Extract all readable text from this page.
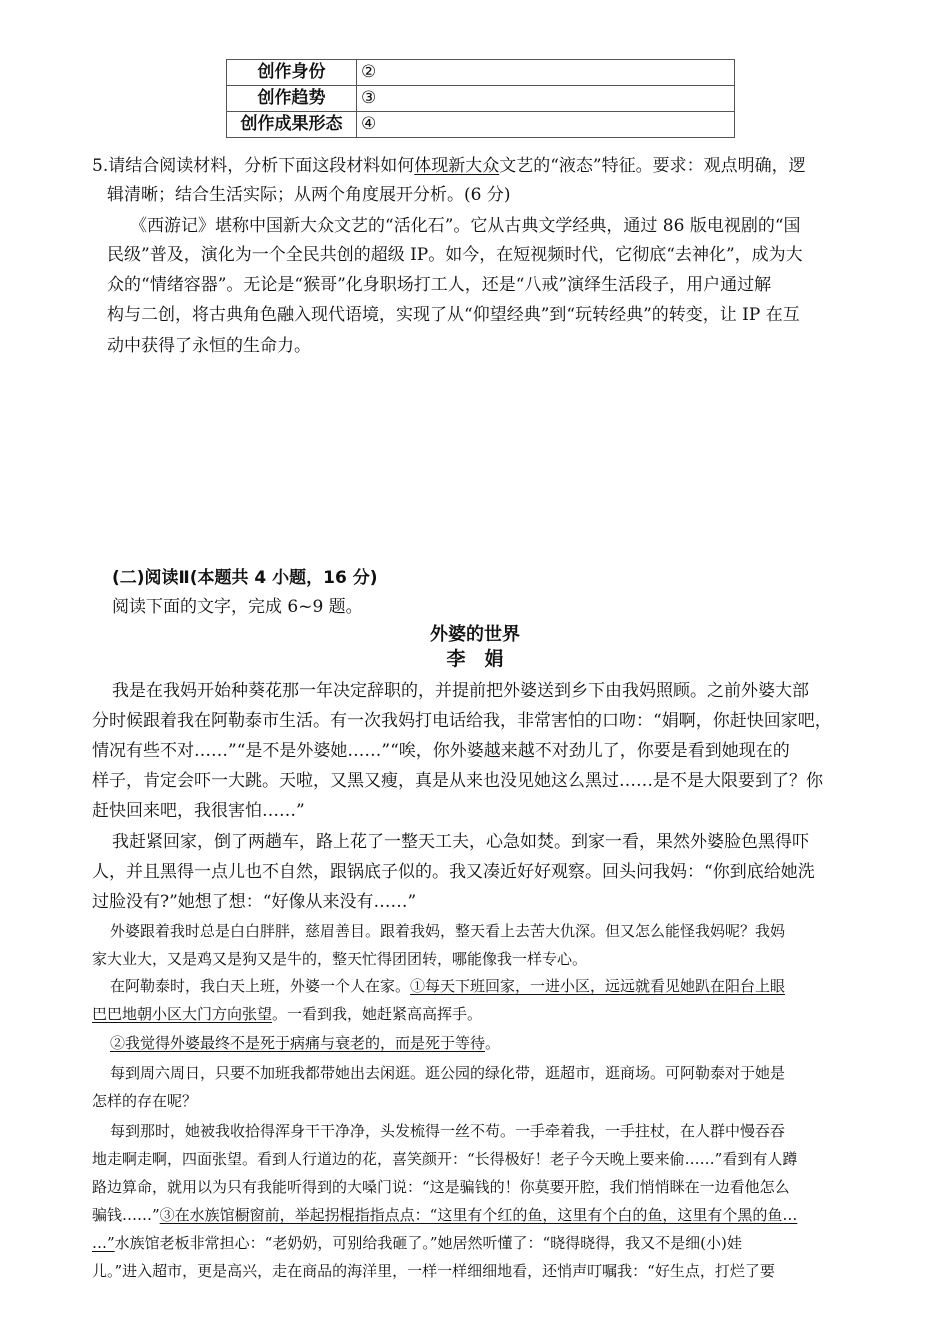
创作身份	②
创作趋势	③
创作成果形态	④
5.请结合阅读材料，分析下面这段材料如何体现新大众文艺的“液态”特征。要求：观点明确，逻
辑清晰；结合生活实际；从两个角度展开分析。(6 分)
《西游记》堪称中国新大众文艺的“活化石”。它从古典文学经典，通过 86 版电视剧的“国
民级”普及，演化为一个全民共创的超级 IP。如今，在短视频时代，它彻底“去神化”，成为大
众的“情绪容器”。无论是“猴哥”化身职场打工人，还是“八戒”演绎生活段子，用户通过解
构与二创，将古典角色融入现代语境，实现了从“仰望经典”到“玩转经典”的转变，让 IP 在互
动中获得了永恒的生命力。
(二)阅读Ⅱ(本题共 4 小题，16 分)
阅读下面的文字，完成 6~9 题。
外婆的世界
李　娟
我是在我妈开始种葵花那一年决定辞职的，并提前把外婆送到乡下由我妈照顾。之前外婆大部
分时候跟着我在阿勒泰市生活。有一次我妈打电话给我，非常害怕的口吻：“娟啊，你赶快回家吧，
情况有些不对……”“是不是外婆她……”“唉，你外婆越来越不对劲儿了，你要是看到她现在的
样子，肯定会吓一大跳。天啦，又黑又瘦，真是从来也没见她这么黑过……是不是大限要到了？你
赶快回来吧，我很害怕……”
我赶紧回家，倒了两趟车，路上花了一整天工夫，心急如焚。到家一看，果然外婆脸色黑得吓
人，并且黑得一点儿也不自然，跟锅底子似的。我又凑近好好观察。回头问我妈：“你到底给她洗
过脸没有?”她想了想：“好像从来没有……”
外婆跟着我时总是白白胖胖，慈眉善目。跟着我妈，整天看上去苦大仇深。但又怎么能怪我妈呢？我妈
家大业大，又是鸡又是狗又是牛的，整天忙得团团转，哪能像我一样专心。
在阿勒泰时，我白天上班，外婆一个人在家。①每天下班回家，一进小区，远远就看见她趴在阳台上眼
巴巴地朝小区大门方向张望。一看到我，她赶紧高高挥手。
②我觉得外婆最终不是死于病痛与衰老的，而是死于等待。
每到周六周日，只要不加班我都带她出去闲逛。逛公园的绿化带，逛超市，逛商场。可阿勒泰对于她是
怎样的存在呢？
每到那时，她被我收拾得浑身干干净净，头发梳得一丝不苟。一手牵着我，一手拄杖，在人群中慢吞吞
地走啊走啊，四面张望。看到人行道边的花，喜笑颜开：“长得极好！老子今天晚上要来偷……”看到有人蹲
路边算命，就用以为只有我能听得到的大嗓门说：“这是骗钱的！你莫要开腔，我们悄悄眯在一边看他怎么
骗钱……”③在水族馆橱窗前，举起拐棍指指点点：“这里有个红的鱼，这里有个白的鱼，这里有个黑的鱼…
…”水族馆老板非常担心：“老奶奶，可别给我砸了。”她居然听懂了：“晓得晓得，我又不是细(小)娃
儿。”进入超市，更是高兴，走在商品的海洋里，一样一样细细地看，还悄声叮嘱我：“好生点，打烂了要
